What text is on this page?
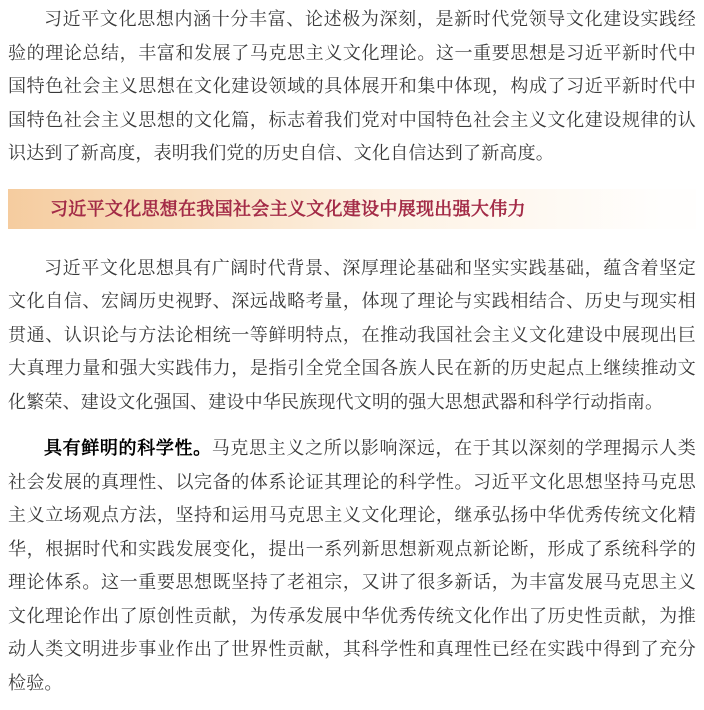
习近平文化思想内涵十分丰富、论述极为深刻，是新时代党领导文化建设实践经验的理论总结，丰富和发展了马克思主义文化理论。这一重要思想是习近平新时代中国特色社会主义思想在文化建设领域的具体展开和集中体现，构成了习近平新时代中国特色社会主义思想的文化篇，标志着我们党对中国特色社会主义文化建设规律的认识达到了新高度，表明我们党的历史自信、文化自信达到了新高度。

习近平文化思想在我国社会主义文化建设中展现出强大伟力

习近平文化思想具有广阔时代背景、深厚理论基础和坚实实践基础，蕴含着坚定文化自信、宏阔历史视野、深远战略考量，体现了理论与实践相结合、历史与现实相贯通、认识论与方法论相统一等鲜明特点，在推动我国社会主义文化建设中展现出巨大真理力量和强大实践伟力，是指引全党全国各族人民在新的历史起点上继续推动文化繁荣、建设文化强国、建设中华民族现代文明的强大思想武器和科学行动指南。

具有鲜明的科学性。马克思主义之所以影响深远，在于其以深刻的学理揭示人类社会发展的真理性、以完备的体系论证其理论的科学性。习近平文化思想坚持马克思主义立场观点方法，坚持和运用马克思主义文化理论，继承弘扬中华优秀传统文化精华，根据时代和实践发展变化，提出一系列新思想新观点新论断，形成了系统科学的理论体系。这一重要思想既坚持了老祖宗，又讲了很多新话，为丰富发展马克思主义文化理论作出了原创性贡献，为传承发展中华优秀传统文化作出了历史性贡献，为推动人类文明进步事业作出了世界性贡献，其科学性和真理性已经在实践中得到了充分检验。
